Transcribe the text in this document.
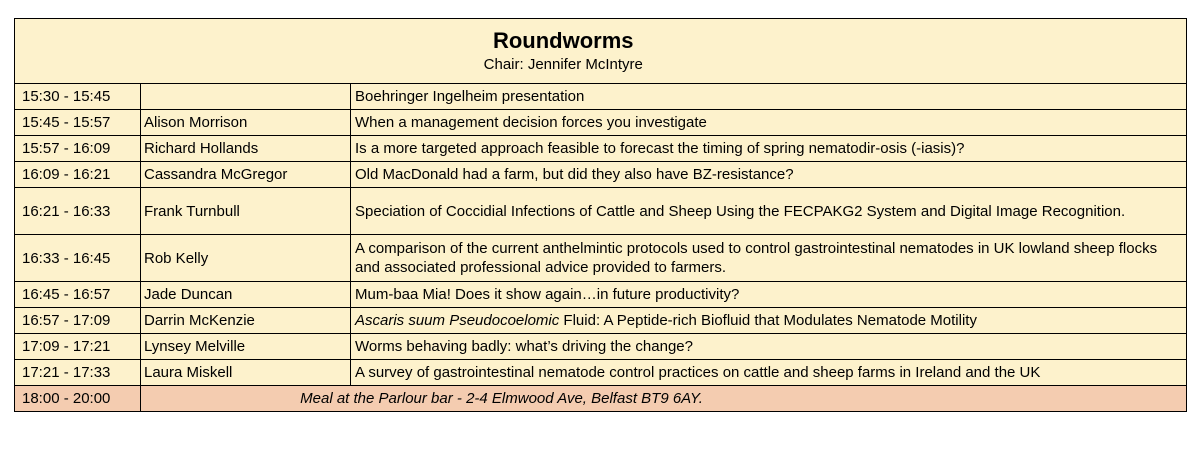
	Roundworms
Chair: Jennifer McIntyre	

15:30 - 15:45		Boehringer Ingelheim presentation
15:45 - 15:57	Alison Morrison	When a management decision forces you investigate
15:57 - 16:09	Richard Hollands	Is a more targeted approach feasible to forecast the timing of spring nematodir-osis (-iasis)?
16:09 - 16:21	Cassandra McGregor	Old MacDonald had a farm, but did they also have BZ-resistance?
16:21 - 16:33	Frank Turnbull	Speciation of Coccidial Infections of Cattle and Sheep Using the FECPAKG2 System and Digital Image Recognition.
16:33 - 16:45	Rob Kelly	A comparison of the current anthelmintic protocols used to control gastrointestinal nematodes in UK lowland sheep flocks and associated professional advice provided to farmers.
16:45 - 16:57	Jade Duncan	Mum-baa Mia! Does it show again…in future productivity?
16:57 - 17:09	Darrin McKenzie	Ascaris suum Pseudocoelomic Fluid: A Peptide-rich Biofluid that Modulates Nematode Motility
17:09 - 17:21	Lynsey Melville	Worms behaving badly: what’s driving the change?
17:21 - 17:33	Laura Miskell	A survey of gastrointestinal nematode control practices on cattle and sheep farms in Ireland and the UK
18:00 - 20:00	Meal at the Parlour bar - 2-4 Elmwood Ave, Belfast BT9 6AY.	
